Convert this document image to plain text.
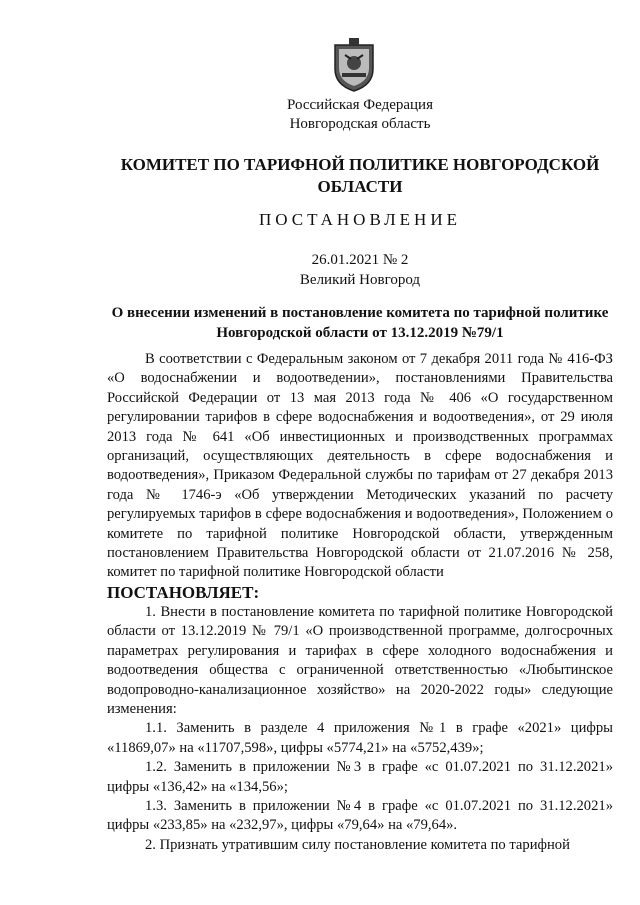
Российская Федерация
Новгородская область
КОМИТЕТ ПО ТАРИФНОЙ ПОЛИТИКЕ НОВГОРОДСКОЙ
ОБЛАСТИ
ПОСТАНОВЛЕНИЕ
26.01.2021 № 2
Великий Новгород
О внесении изменений в постановление комитета по тарифной политике
Новгородской области от 13.12.2019 №79/1

В соответствии с Федеральным законом от 7 декабря 2011 года № 416-ФЗ «О водоснабжении и водоотведении», постановлениями Правительства Российской Федерации от 13 мая 2013 года № 406 «О государственном регулировании тарифов в сфере водоснабжения и водоотведения», от 29 июля 2013 года № 641 «Об инвестиционных и производственных программах организаций, осуществляющих деятельность в сфере водоснабжения и водоотведения», Приказом Федеральной службы по тарифам от 27 декабря 2013 года № 1746-э «Об утверждении Методических указаний по расчету регулируемых тарифов в сфере водоснабжения и водоотведения», Положением о комитете по тарифной политике Новгородской области, утвержденным постановлением Правительства Новгородской области от 21.07.2016 № 258, комитет по тарифной политике Новгородской области

ПОСТАНОВЛЯЕТ:

1. Внести в постановление комитета по тарифной политике Новгородской области от 13.12.2019 № 79/1 «О производственной программе, долгосрочных параметрах регулирования и тарифах в сфере холодного водоснабжения и водоотведения общества с ограниченной ответственностью «Любытинское водопроводно-канализационное хозяйство» на 2020-2022 годы» следующие изменения:

1.1. Заменить в разделе 4 приложения №1 в графе «2021» цифры «11869,07» на «11707,598», цифры «5774,21» на «5752,439»;

1.2. Заменить в приложении №3 в графе «с 01.07.2021 по 31.12.2021» цифры «136,42» на «134,56»;

1.3. Заменить в приложении №4 в графе «с 01.07.2021 по 31.12.2021» цифры «233,85» на «232,97», цифры «79,64» на «79,64».

2. Признать утратившим силу постановление комитета по тарифной
